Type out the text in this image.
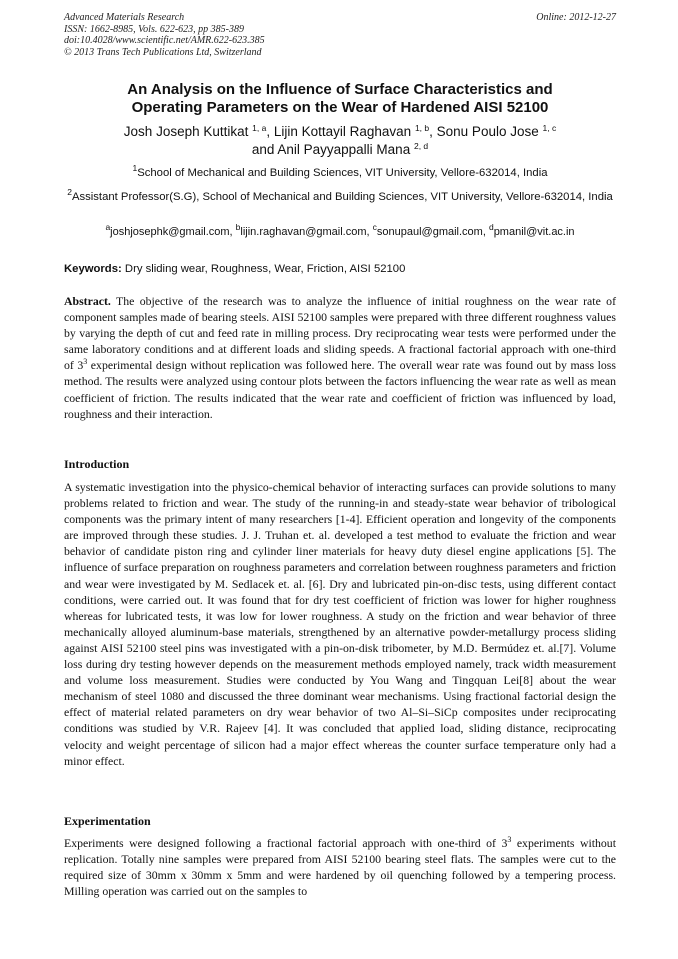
Advanced Materials Research
ISSN: 1662-8985, Vols. 622-623, pp 385-389
doi:10.4028/www.scientific.net/AMR.622-623.385
© 2013 Trans Tech Publications Ltd, Switzerland
Online: 2012-12-27
An Analysis on the Influence of Surface Characteristics and
Operating Parameters on the Wear of Hardened AISI 52100
Josh Joseph Kuttikat $^{1, a}$, Lijin Kottayil Raghavan $^{1, b}$, Sonu Poulo Jose $^{1, c}$
and Anil Payyappalli Mana $^{2, d}$
$^1$School of Mechanical and Building Sciences, VIT University, Vellore-632014, India
$^2$Assistant Professor(S.G), School of Mechanical and Building Sciences, VIT University, Vellore-632014, India
$^a$joshjosephk@gmail.com, $^b$lijin.raghavan@gmail.com, $^c$sonupaul@gmail.com, $^d$pmanil@vit.ac.in
Keywords: Dry sliding wear, Roughness, Wear, Friction, AISI 52100
Abstract. The objective of the research was to analyze the influence of initial roughness on the wear rate of component samples made of bearing steels. AISI 52100 samples were prepared with three different roughness values by varying the depth of cut and feed rate in milling process. Dry reciprocating wear tests were performed under the same laboratory conditions and at different loads and sliding speeds. A fractional factorial approach with one-third of $3^3$ experimental design without replication was followed here. The overall wear rate was found out by mass loss method. The results were analyzed using contour plots between the factors influencing the wear rate as well as mean coefficient of friction. The results indicated that the wear rate and coefficient of friction was influenced by load, roughness and their interaction.
Introduction
A systematic investigation into the physico-chemical behavior of interacting surfaces can provide solutions to many problems related to friction and wear. The study of the running-in and steady-state wear behavior of tribological components was the primary intent of many researchers [1-4]. Efficient operation and longevity of the components are improved through these studies. J. J. Truhan et. al. developed a test method to evaluate the friction and wear behavior of candidate piston ring and cylinder liner materials for heavy duty diesel engine applications [5]. The influence of surface preparation on roughness parameters and correlation between roughness parameters and friction and wear were investigated by M. Sedlacek et. al. [6]. Dry and lubricated pin-on-disc tests, using different contact conditions, were carried out. It was found that for dry test coefficient of friction was lower for higher roughness whereas for lubricated tests, it was low for lower roughness. A study on the friction and wear behavior of three mechanically alloyed aluminum-base materials, strengthened by an alternative powder-metallurgy process sliding against AISI 52100 steel pins was investigated with a pin-on-disk tribometer, by M.D. Bermúdez et. al.[7]. Volume loss during dry testing however depends on the measurement methods employed namely, track width measurement and volume loss measurement. Studies were conducted by You Wang and Tingquan Lei[8] about the wear mechanism of steel 1080 and discussed the three dominant wear mechanisms. Using fractional factorial design the effect of material related parameters on dry wear behavior of two Al–Si–SiCp composites under reciprocating conditions was studied by V.R. Rajeev [4]. It was concluded that applied load, sliding distance, reciprocating velocity and weight percentage of silicon had a major effect whereas the counter surface temperature only had a minor effect.
Experimentation
Experiments were designed following a fractional factorial approach with one-third of $3^3$ experiments without replication. Totally nine samples were prepared from AISI 52100 bearing steel flats. The samples were cut to the required size of 30mm x 30mm x 5mm and were hardened by oil quenching followed by a tempering process. Milling operation was carried out on the samples to
